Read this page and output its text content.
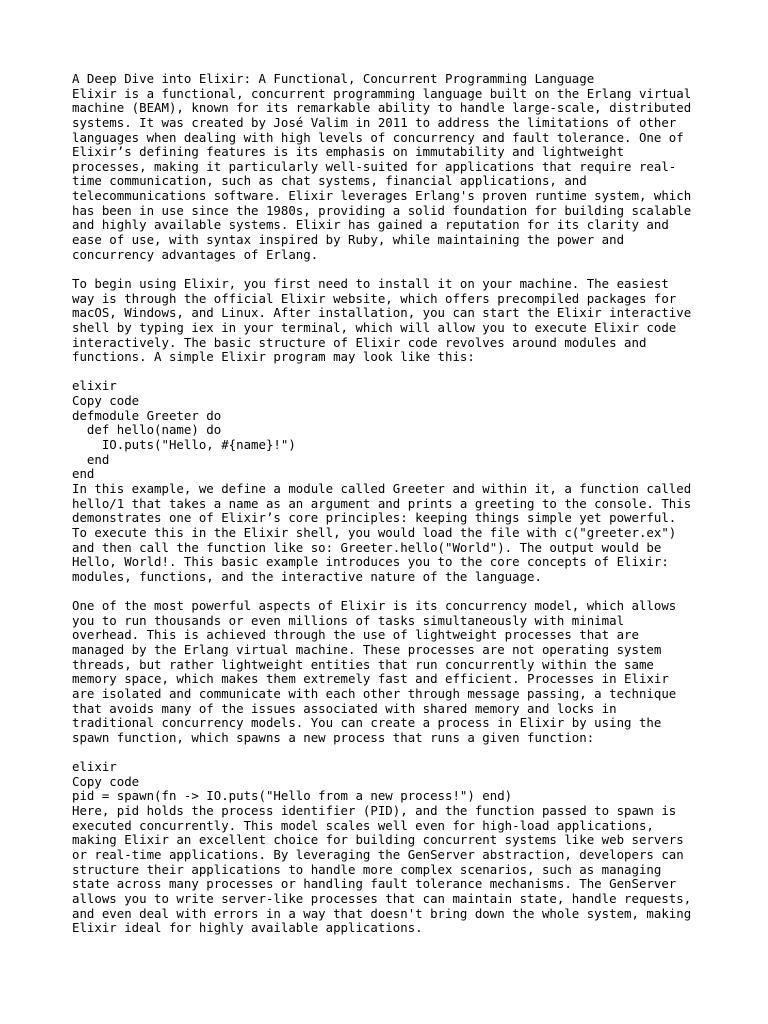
A Deep Dive into Elixir: A Functional, Concurrent Programming Language
Elixir is a functional, concurrent programming language built on the Erlang virtual
machine (BEAM), known for its remarkable ability to handle large-scale, distributed
systems. It was created by José Valim in 2011 to address the limitations of other
languages when dealing with high levels of concurrency and fault tolerance. One of
Elixir’s defining features is its emphasis on immutability and lightweight
processes, making it particularly well-suited for applications that require real-
time communication, such as chat systems, financial applications, and
telecommunications software. Elixir leverages Erlang's proven runtime system, which
has been in use since the 1980s, providing a solid foundation for building scalable
and highly available systems. Elixir has gained a reputation for its clarity and
ease of use, with syntax inspired by Ruby, while maintaining the power and
concurrency advantages of Erlang.
To begin using Elixir, you first need to install it on your machine. The easiest
way is through the official Elixir website, which offers precompiled packages for
macOS, Windows, and Linux. After installation, you can start the Elixir interactive
shell by typing iex in your terminal, which will allow you to execute Elixir code
interactively. The basic structure of Elixir code revolves around modules and
functions. A simple Elixir program may look like this:
elixir
Copy code
defmodule Greeter do
def hello(name) do
IO.puts("Hello, #{name}!")
end
end
In this example, we define a module called Greeter and within it, a function called
hello/1 that takes a name as an argument and prints a greeting to the console. This
demonstrates one of Elixir’s core principles: keeping things simple yet powerful.
To execute this in the Elixir shell, you would load the file with c("greeter.ex")
and then call the function like so: Greeter.hello("World"). The output would be
Hello, World!. This basic example introduces you to the core concepts of Elixir:
modules, functions, and the interactive nature of the language.
One of the most powerful aspects of Elixir is its concurrency model, which allows
you to run thousands or even millions of tasks simultaneously with minimal
overhead. This is achieved through the use of lightweight processes that are
managed by the Erlang virtual machine. These processes are not operating system
threads, but rather lightweight entities that run concurrently within the same
memory space, which makes them extremely fast and efficient. Processes in Elixir
are isolated and communicate with each other through message passing, a technique
that avoids many of the issues associated with shared memory and locks in
traditional concurrency models. You can create a process in Elixir by using the
spawn function, which spawns a new process that runs a given function:
elixir
Copy code
pid = spawn(fn -> IO.puts("Hello from a new process!") end)
Here, pid holds the process identifier (PID), and the function passed to spawn is
executed concurrently. This model scales well even for high-load applications,
making Elixir an excellent choice for building concurrent systems like web servers
or real-time applications. By leveraging the GenServer abstraction, developers can
structure their applications to handle more complex scenarios, such as managing
state across many processes or handling fault tolerance mechanisms. The GenServer
allows you to write server-like processes that can maintain state, handle requests,
and even deal with errors in a way that doesn't bring down the whole system, making
Elixir ideal for highly available applications.
